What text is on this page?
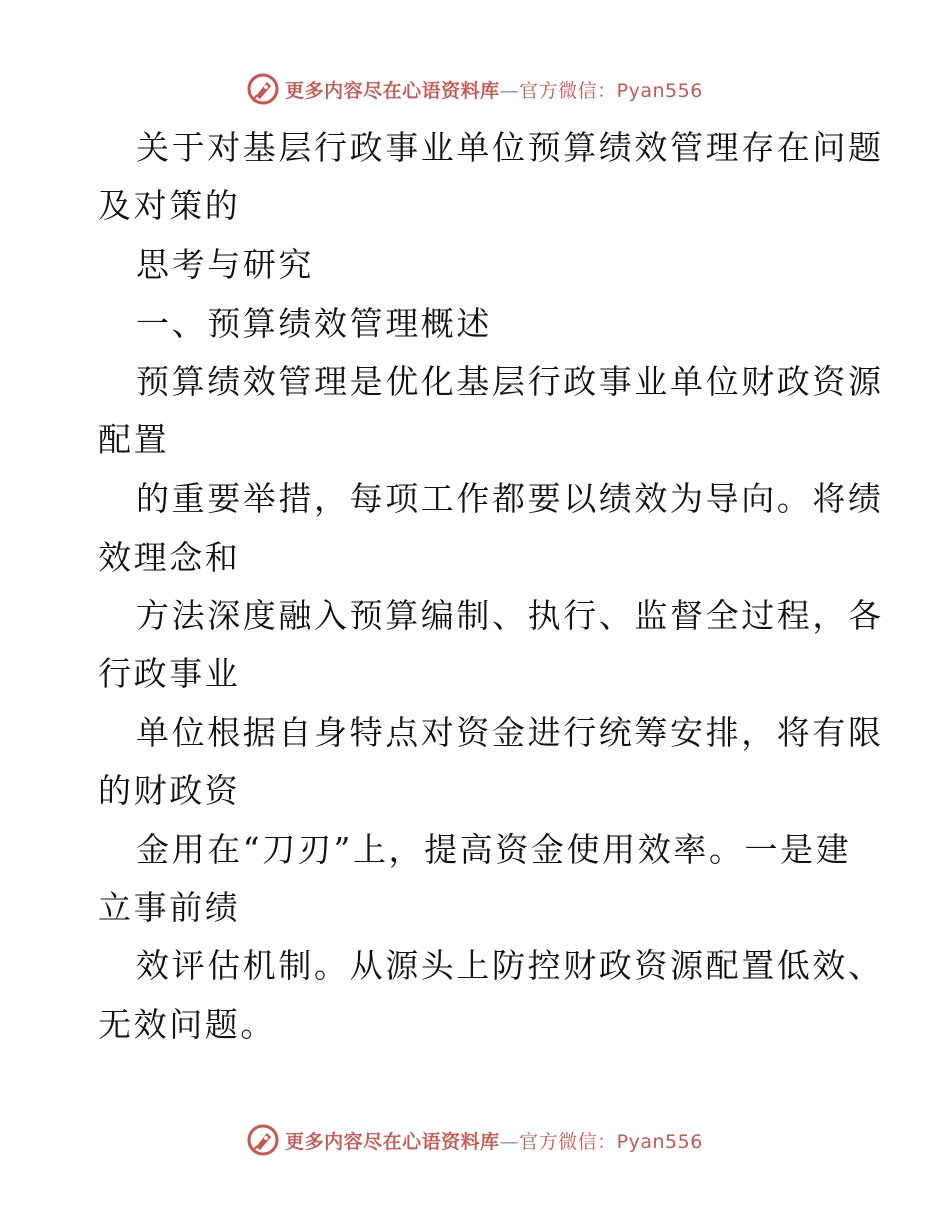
更多内容尽在心语资料库—官方微信：Pyan556
关于对基层行政事业单位预算绩效管理存在问题
及对策的
思考与研究
一、预算绩效管理概述
预算绩效管理是优化基层行政事业单位财政资源
配置
的重要举措，每项工作都要以绩效为导向。将绩
效理念和
方法深度融入预算编制、执行、监督全过程，各
行政事业
单位根据自身特点对资金进行统筹安排，将有限
的财政资
金用在“刀刃”上，提高资金使用效率。一是建
立事前绩
效评估机制。从源头上防控财政资源配置低效、
无效问题。
更多内容尽在心语资料库—官方微信：Pyan556
